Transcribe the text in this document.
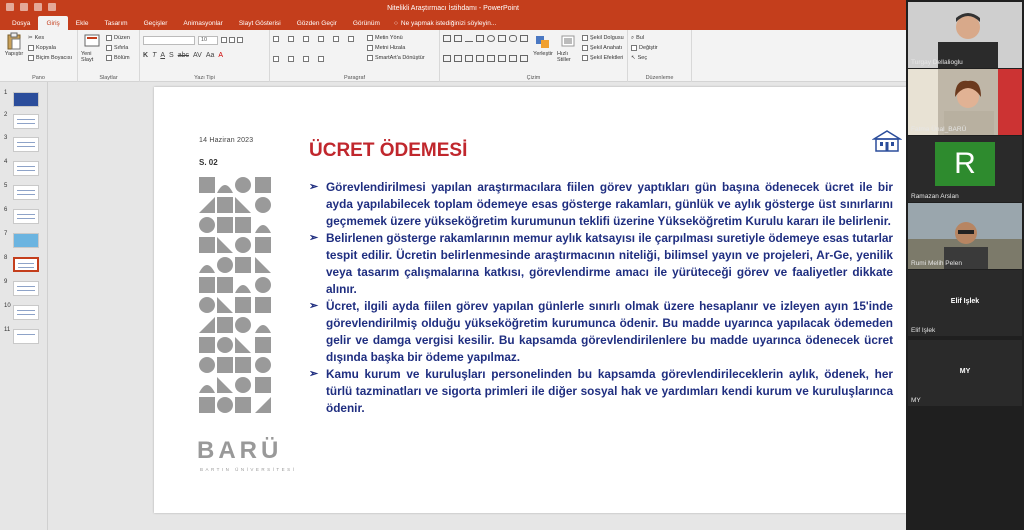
Nitelikli Araştırmacı İstihdamı - PowerPoint
Dosya	Giriş	Ekle	Tasarım	Geçişler	Animasyonlar	Slayt Gösterisi	Gözden Geçir	Görünüm	○ Ne yapmak istediğinizi söyleyin...
Yapıştır
✂ Kes
Kopyala
Biçim Boyacısı
Pano
Yeni Slayt
Düzen
Sıfırla
Bölüm
Slaytlar
10
K T A S abc AV Aa A
Yazı Tipi
Metin Yönü
Metni Hizala
SmartArt'a Dönüştür
Paragraf
Yerleştir Hızlı Stiller
Şekil Dolgusu
Şekil Anahatı
Şekil Efektleri
Çizim
⌕ Bul
Değiştir
↖ Seç
Düzenleme
1
2
3
4
5
6
7
8
9
10
11
14 Haziran 2023
S. 02
BARÜ
BARTIN ÜNİVERSİTESİ
ÜCRET ÖDEMESİ
➢ Görevlendirilmesi yapılan araştırmacılara fiilen görev yaptıkları gün başına ödenecek ücret ile bir ayda yapılabilecek toplam ödemeye esas gösterge rakamları, günlük ve aylık gösterge üst sınırlarını geçmemek üzere yükseköğretim kurumunun teklifi üzerine Yükseköğretim Kurulu kararı ile belirlenir.
➢ Belirlenen gösterge rakamlarının memur aylık katsayısı ile çarpılması suretiyle ödemeye esas tutarlar tespit edilir. Ücretin belirlenmesinde araştırmacının niteliği, bilimsel yayın ve projeleri, Ar-Ge, yenilik veya tasarım çalışmalarına katkısı, görevlendirme amacı ile yürüteceği görev ve faaliyetler dikkate alınır.
➢ Ücret, ilgili ayda fiilen görev yapılan günlerle sınırlı olmak üzere hesaplanır ve izleyen ayın 15'inde görevlendirilmiş olduğu yükseköğretim kurumunca ödenir. Bu madde uyarınca yapılacak ödemeden gelir ve damga vergisi kesilir. Bu kapsamda görevlendirilenlere bu madde uyarınca ödenecek ücret dışında başka bir ödeme yapılmaz.
➢ Kamu kurum ve kuruluşları personelinden bu kapsamda görevlendirileceklerin aylık, ödenek, her türlü tazminatları ve sigorta primleri ile diğer sosyal hak ve yardımları kendi kurum ve kuruluşlarınca ödenir.
Turgay Dellalioglu
Fatma Ünal_BARÜ
R
Ramazan Arslan
Rumi Melih Pelen
Elif Işlek
Elif Işlek
MY
MY
